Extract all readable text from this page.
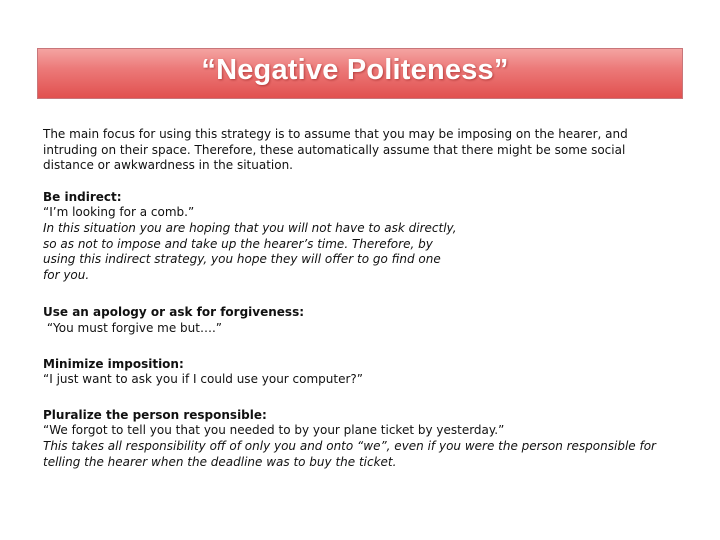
“Negative Politeness”
The main focus for using this strategy is to assume that you may be imposing on the hearer, and
intruding on their space. Therefore, these automatically assume that there might be some social
distance or awkwardness in the situation.
Be indirect:
“I’m looking for a comb.”
In this situation you are hoping that you will not have to ask directly,
so as not to impose and take up the hearer’s time. Therefore, by
using this indirect strategy, you hope they will offer to go find one
for you.
Use an apology or ask for forgiveness:
“You must forgive me but….”
Minimize imposition:
“I just want to ask you if I could use your computer?”
Pluralize the person responsible:
“We forgot to tell you that you needed to by your plane ticket by yesterday.”
This takes all responsibility off of only you and onto “we”, even if you were the person responsible for
telling the hearer when the deadline was to buy the ticket.
